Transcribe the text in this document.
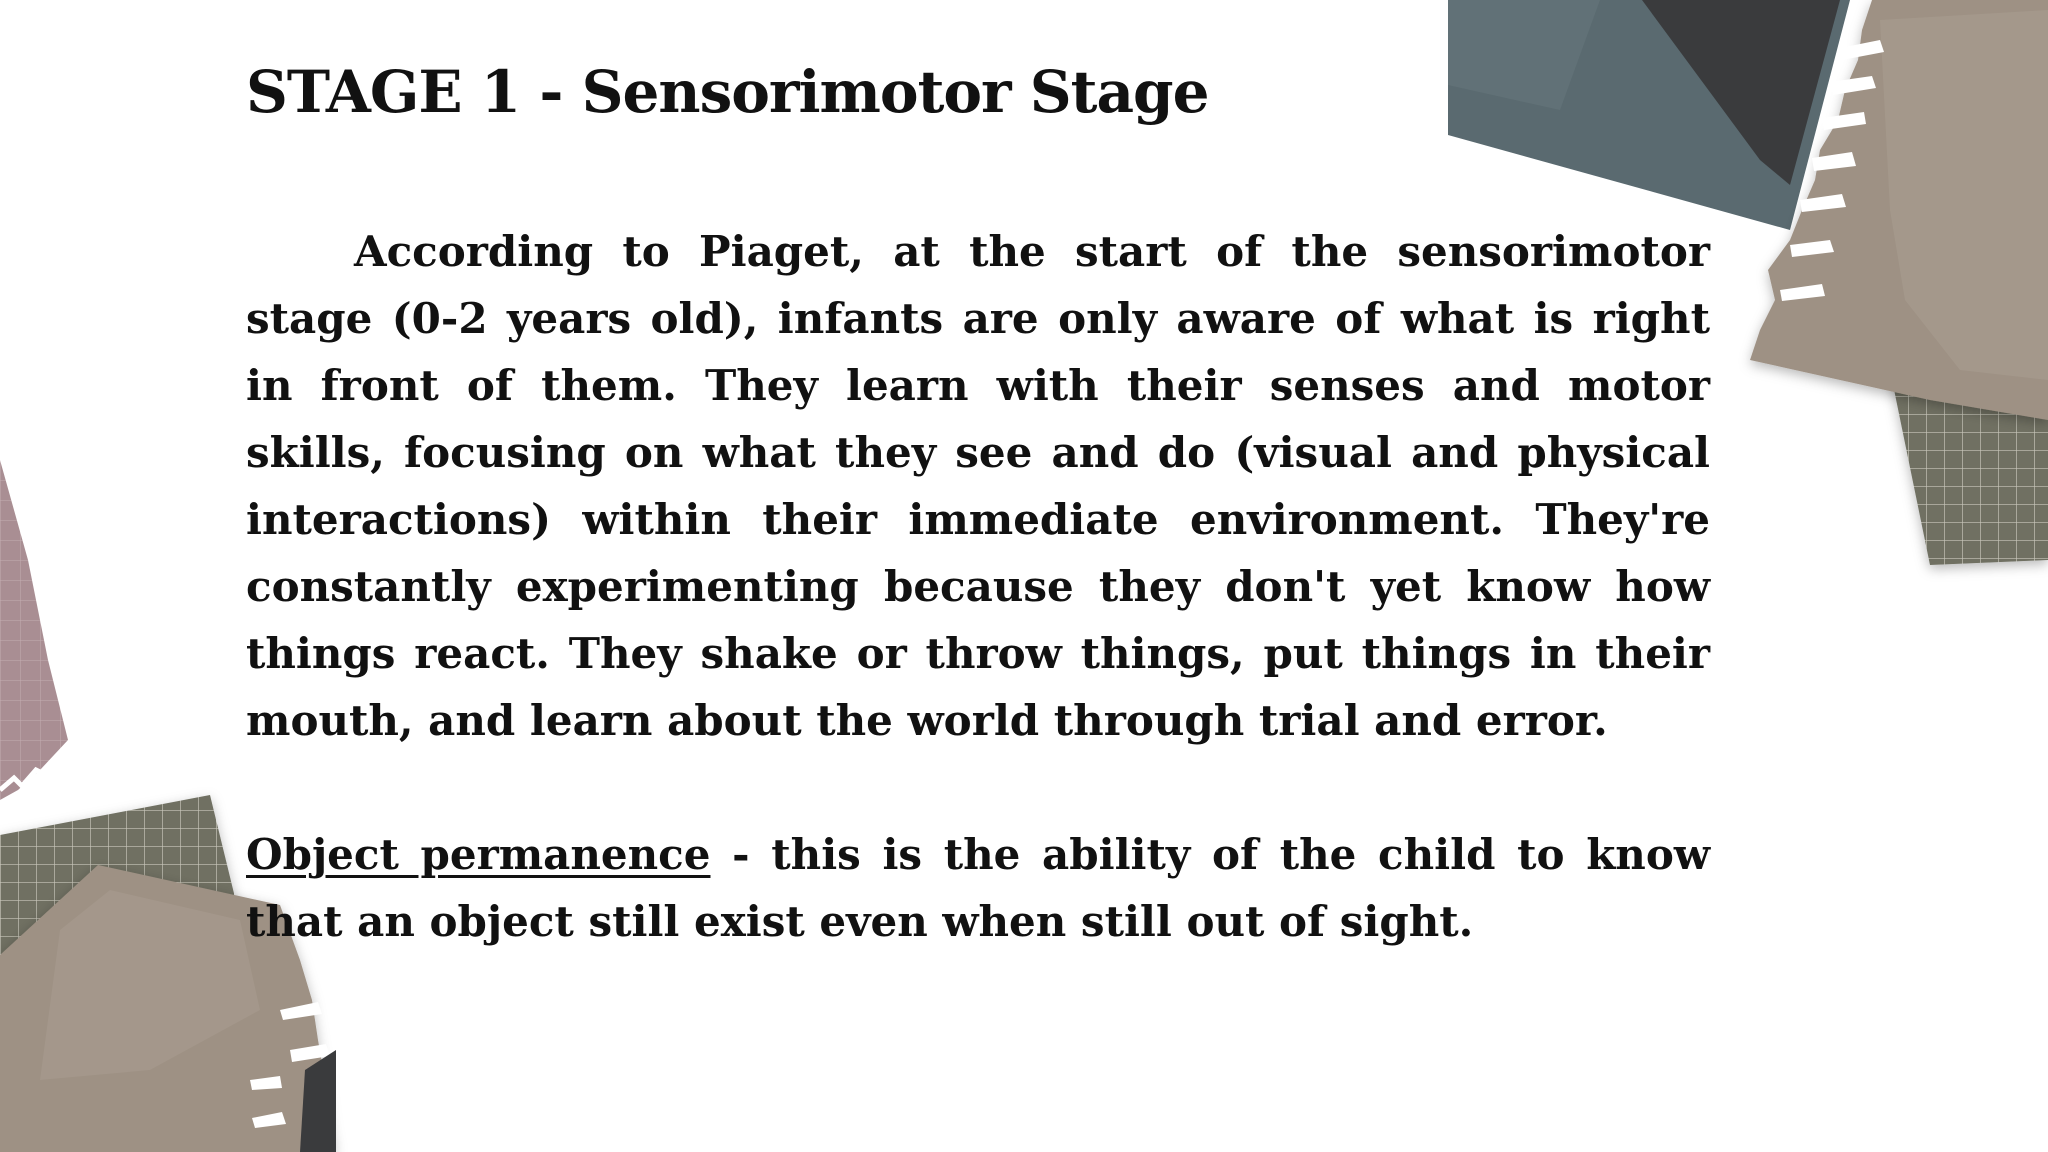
STAGE 1 - Sensorimotor Stage

According to Piaget, at the start of the sensorimotor stage (0-2 years old), infants are only aware of what is right in front of them. They learn with their senses and motor skills, focusing on what they see and do (visual and physical interactions) within their immediate environment. They're constantly experimenting because they don't yet know how things react. They shake or throw things, put things in their mouth, and learn about the world through trial and error.

Object permanence - this is the ability of the child to know that an object still exist even when still out of sight.
